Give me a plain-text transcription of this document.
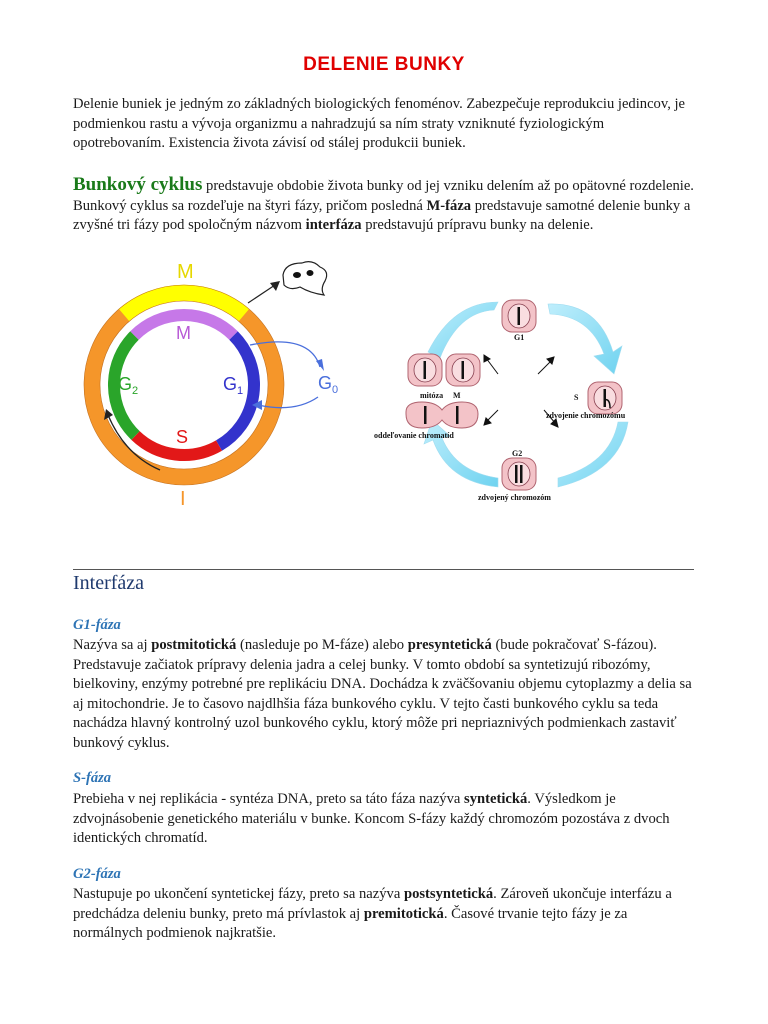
DELENIE BUNKY
Delenie buniek je jedným zo základných biologických fenoménov. Zabezpečuje reprodukciu jedincov, je podmienkou rastu a vývoja organizmu a nahradzujú sa ním straty vzniknuté fyziologickým opotrebovaním. Existencia života závisí od stálej produkcii buniek.
Bunkový cyklus predstavuje obdobie života bunky od jej vzniku delením až po opätovné rozdelenie. Bunkový cyklus sa rozdeľuje na štyri fázy, pričom posledná M-fáza predstavuje samotné delenie bunky a zvyšné tri fázy pod spoločným názvom interfáza predstavujú prípravu bunky na delenie.
M
M
$G_1$
$G_2$
S
I
$G_0$
G1
S
zdvojenie chromozómu
G2
zdvojený chromozóm
mitóza M
oddeľovanie chromatíd
Interfáza
G1-fáza
Nazýva sa aj postmitotická (nasleduje po M-fáze) alebo presyntetická (bude pokračovať S-fázou). Predstavuje začiatok prípravy delenia jadra a celej bunky. V tomto období sa syntetizujú ribozómy, bielkoviny, enzýmy potrebné pre replikáciu DNA. Dochádza k zväčšovaniu objemu cytoplazmy a delia sa aj mitochondrie. Je to časovo najdlhšia fáza bunkového cyklu. V tejto časti bunkového cyklu sa teda nachádza hlavný kontrolný uzol bunkového cyklu, ktorý môže pri nepriaznivých podmienkach zastaviť bunkový cyklus.
S-fáza
Prebieha v nej replikácia - syntéza DNA, preto sa táto fáza nazýva syntetická. Výsledkom je zdvojnásobenie genetického materiálu v bunke. Koncom S-fázy každý chromozóm pozostáva z dvoch identických chromatíd.
G2-fáza
Nastupuje po ukončení syntetickej fázy, preto sa nazýva postsyntetická. Zároveň ukončuje interfázu a predchádza deleniu bunky, preto má prívlastok aj premitotická. Časové trvanie tejto fázy je za normálnych podmienok najkratšie.
